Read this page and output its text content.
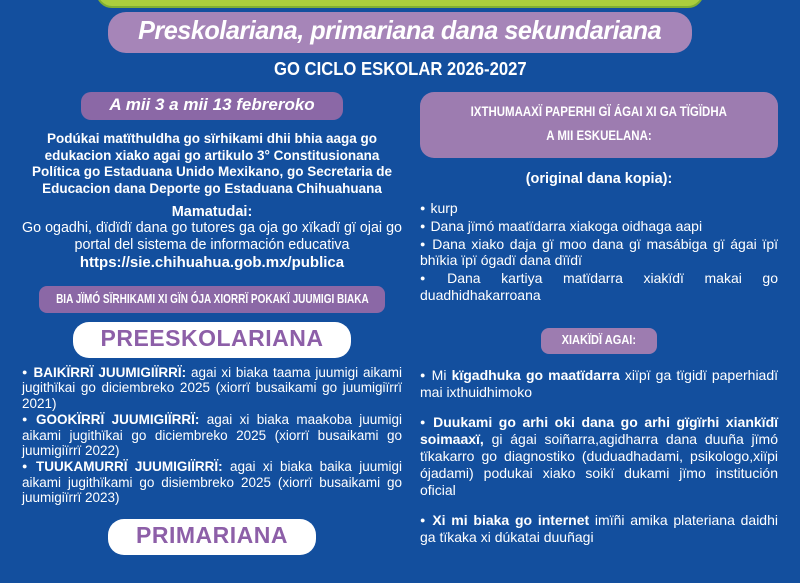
Preskolariana, primariana dana sekundariana
GO CICLO ESKOLAR 2026-2027
A mii 3 a mii 13 febreroko

Podúkai matïthuldha go sïrhikami dhii bhia aaga go edukacion xiako agai go artikulo 3° Constitusionana Política go Estaduana Unido Mexikano, go Secretaria de Educacion dana Deporte go Estaduana Chihuahuana

Mamatudai:

Go ogadhi, dïdïdï dana go tutores ga oja go xïkadï gï ojai go portal del sistema de información educativa

https://sie.chihuahua.gob.mx/publica
BIA JÏMÓ SÏRHIKAMI XI GÏN ÓJA XIORRÏ POKAKÏ JUUMIGI BIAKA
PREESKOLARIANA

● BAIKÏRRÏ JUUMIGIÏRRÏ: agai xi biaka taama juumigi aikami jugithïkai go diciembreko 2025 (xiorrï busaikami go juumigiïrrï 2021)

● GOOKÏRRÏ JUUMIGIÏRRÏ: agai xi biaka maakoba juumigi aikami jugithïkai go diciembreko 2025 (xiorrï busaikami go juumigiïrrï 2022)

● TUUKAMURRÏ JUUMIGIÏRRÏ: agai xi biaka baika juumigi aikami jugithïkami go disiembreko 2025 (xiorrï busaikami go juumigiïrrï 2023)

PRIMARIANA
IXTHUMAAXÏ PAPERHI GÏ ÁGAI XI GA TÏGÏDHA
A MII ESKUELANA:

(original dana kopia):

● kurp

● Dana jïmó maatïdarra xiakoga oidhaga aapi

● Dana xiako daja gï moo dana gï masábiga gï ágai ïpï bhïkia ïpï ógadï dana dïïdï

● Dana kartiya matïdarra xiakïdï makai go duadhidhakarroana

XIAKÏDÏ AGAI:

● Mi kïgadhuka go maatïdarra xiïpï ga tïgidï paperhiadï mai ixthuidhimoko

● Duukami go arhi oki dana go arhi gïgïrhi xiankïdï soimaaxï, gi ágai soiñarra,agidharra dana duuña jïmó tïkakarro go diagnostiko (duduadhadami, psikologo,xiïpi ójadami) podukai xiako soikï dukami jïmo institución oficial

● Xi mi biaka go internet imïñi amika plateriana daidhi ga tïkaka xi dúkatai duuñagi
